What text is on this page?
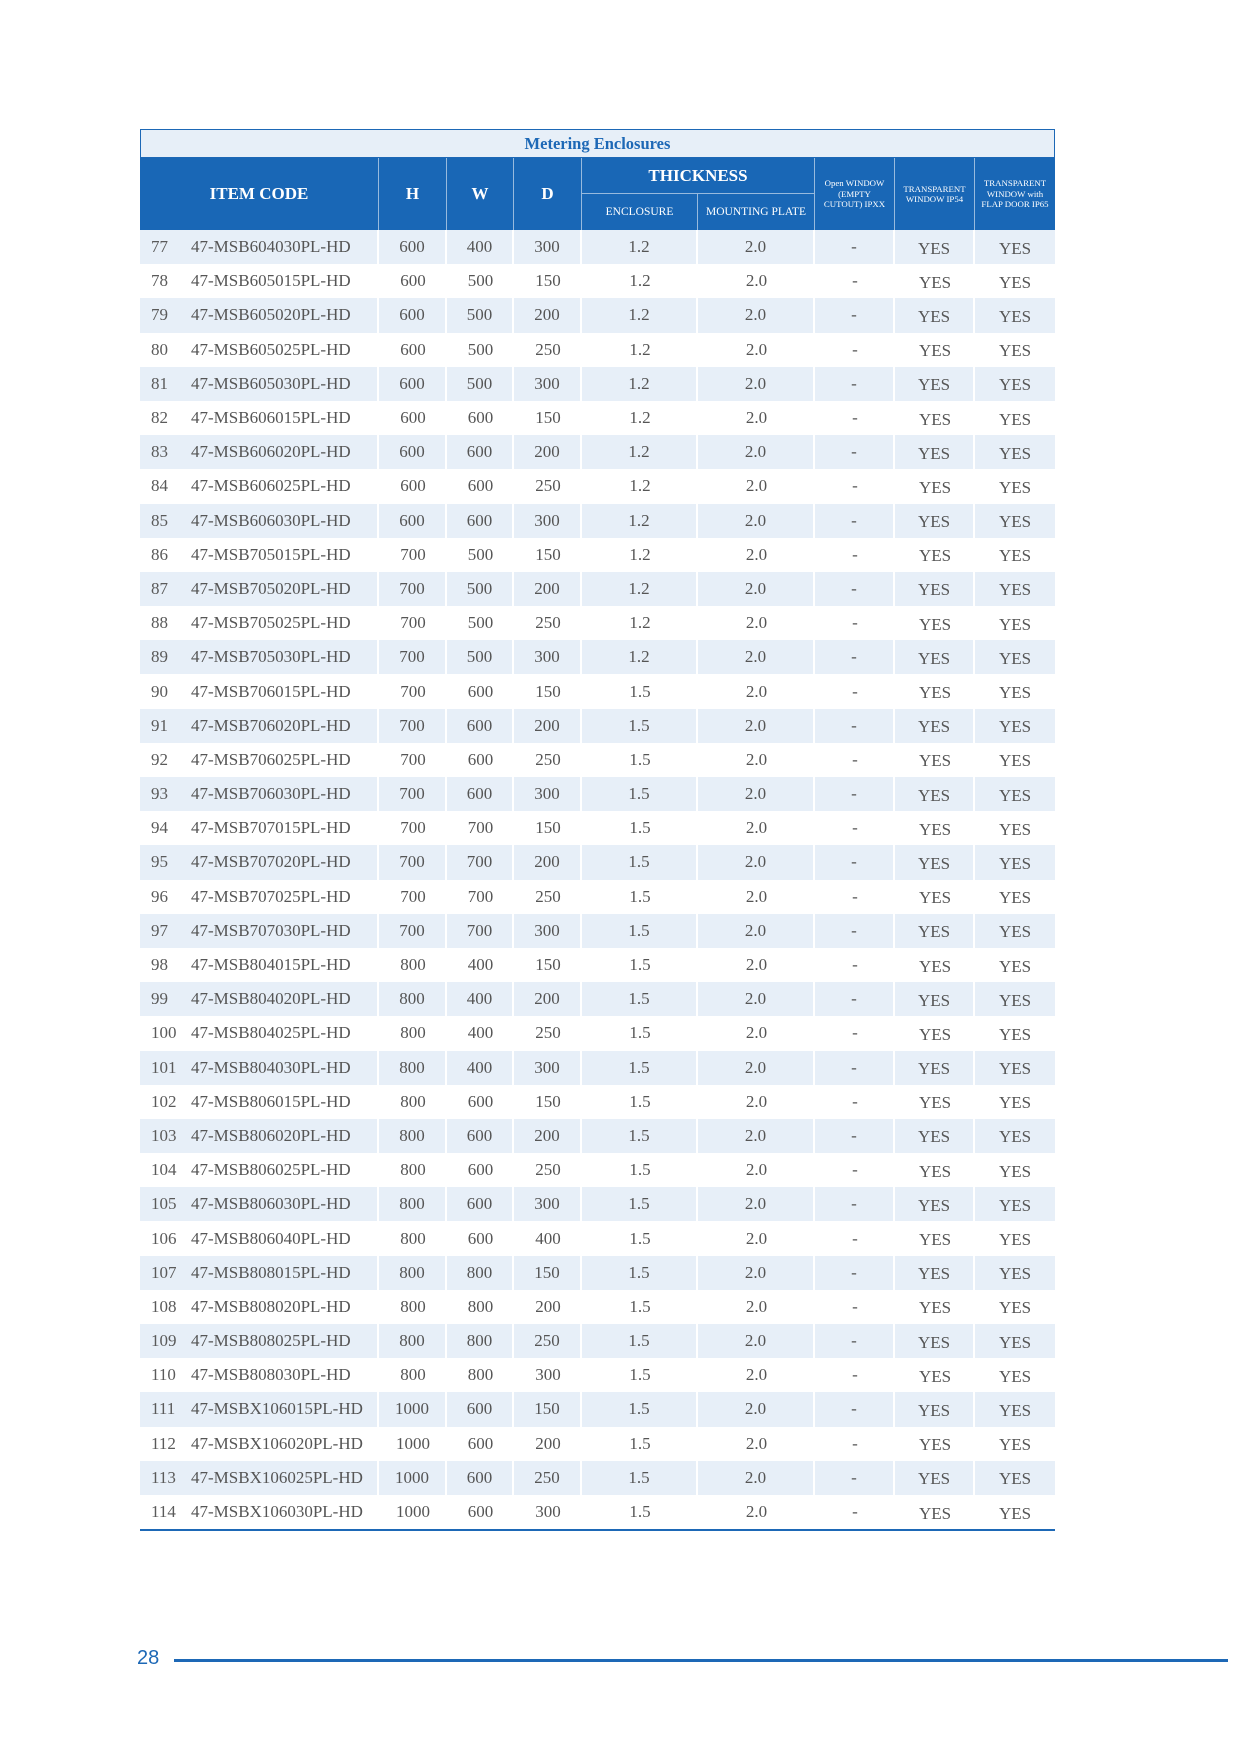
Metering Enclosures
ITEM CODE	H	W	D
THICKNESS
ENCLOSURE	MOUNTING PLATE
Open WINDOW (EMPTY CUTOUT) IPXX
TRANSPARENT WINDOW IP54
TRANSPARENT WINDOW with FLAP DOOR IP65
77	47-MSB604030PL-HD	600	400	300	1.2	2.0	-	YES	YES
78	47-MSB605015PL-HD	600	500	150	1.2	2.0	-	YES	YES
79	47-MSB605020PL-HD	600	500	200	1.2	2.0	-	YES	YES
80	47-MSB605025PL-HD	600	500	250	1.2	2.0	-	YES	YES
81	47-MSB605030PL-HD	600	500	300	1.2	2.0	-	YES	YES
82	47-MSB606015PL-HD	600	600	150	1.2	2.0	-	YES	YES
83	47-MSB606020PL-HD	600	600	200	1.2	2.0	-	YES	YES
84	47-MSB606025PL-HD	600	600	250	1.2	2.0	-	YES	YES
85	47-MSB606030PL-HD	600	600	300	1.2	2.0	-	YES	YES
86	47-MSB705015PL-HD	700	500	150	1.2	2.0	-	YES	YES
87	47-MSB705020PL-HD	700	500	200	1.2	2.0	-	YES	YES
88	47-MSB705025PL-HD	700	500	250	1.2	2.0	-	YES	YES
89	47-MSB705030PL-HD	700	500	300	1.2	2.0	-	YES	YES
90	47-MSB706015PL-HD	700	600	150	1.5	2.0	-	YES	YES
91	47-MSB706020PL-HD	700	600	200	1.5	2.0	-	YES	YES
92	47-MSB706025PL-HD	700	600	250	1.5	2.0	-	YES	YES
93	47-MSB706030PL-HD	700	600	300	1.5	2.0	-	YES	YES
94	47-MSB707015PL-HD	700	700	150	1.5	2.0	-	YES	YES
95	47-MSB707020PL-HD	700	700	200	1.5	2.0	-	YES	YES
96	47-MSB707025PL-HD	700	700	250	1.5	2.0	-	YES	YES
97	47-MSB707030PL-HD	700	700	300	1.5	2.0	-	YES	YES
98	47-MSB804015PL-HD	800	400	150	1.5	2.0	-	YES	YES
99	47-MSB804020PL-HD	800	400	200	1.5	2.0	-	YES	YES
100 47-MSB804025PL-HD	800	400	250	1.5	2.0	-	YES	YES
101 47-MSB804030PL-HD	800	400	300	1.5	2.0	-	YES	YES
102 47-MSB806015PL-HD	800	600	150	1.5	2.0	-	YES	YES
103 47-MSB806020PL-HD	800	600	200	1.5	2.0	-	YES	YES
104 47-MSB806025PL-HD	800	600	250	1.5	2.0	-	YES	YES
105 47-MSB806030PL-HD	800	600	300	1.5	2.0	-	YES	YES
106 47-MSB806040PL-HD	800	600	400	1.5	2.0	-	YES	YES
107 47-MSB808015PL-HD	800	800	150	1.5	2.0	-	YES	YES
108 47-MSB808020PL-HD	800	800	200	1.5	2.0	-	YES	YES
109 47-MSB808025PL-HD	800	800	250	1.5	2.0	-	YES	YES
110 47-MSB808030PL-HD	800	800	300	1.5	2.0	-	YES	YES
111 47-MSBX106015PL-HD	1000	600	150	1.5	2.0	-	YES	YES
112 47-MSBX106020PL-HD	1000	600	200	1.5	2.0	-	YES	YES
113 47-MSBX106025PL-HD	1000	600	250	1.5	2.0	-	YES	YES
114 47-MSBX106030PL-HD	1000	600	300	1.5	2.0	-	YES	YES
28
